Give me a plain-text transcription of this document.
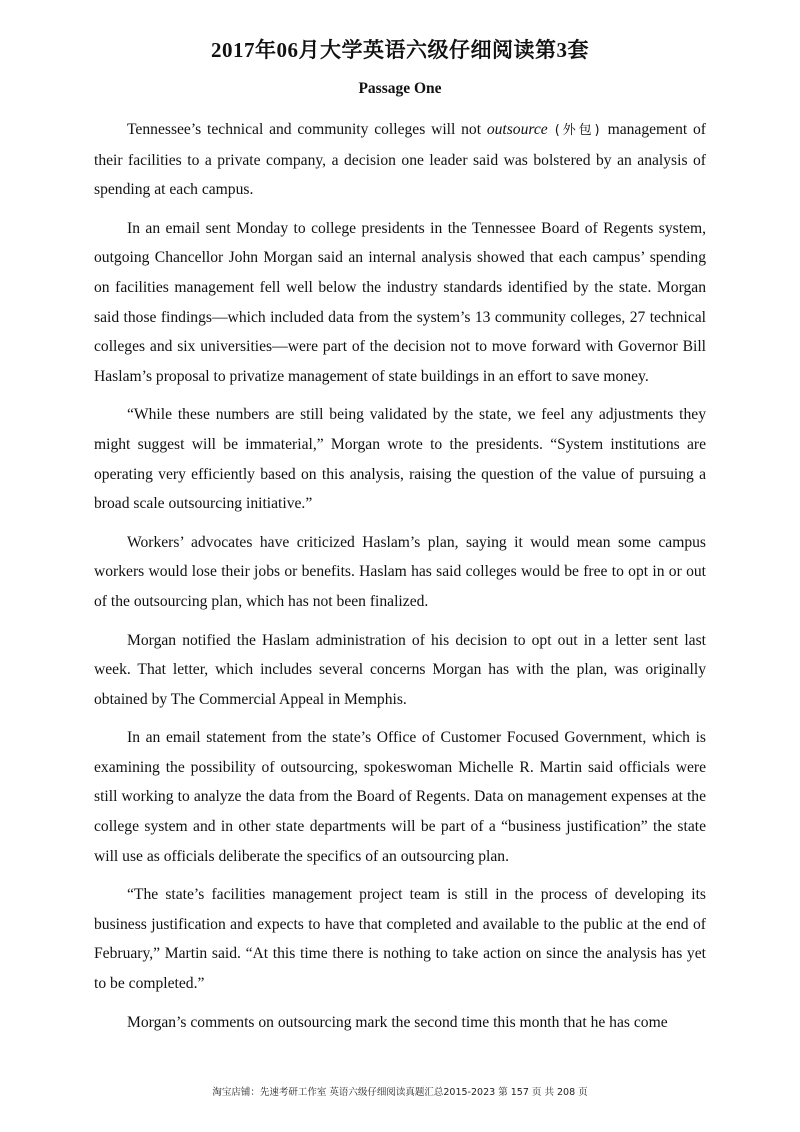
2017年06月大学英语六级仔细阅读第3套
Passage One

Tennessee’s technical and community colleges will not outsource (外包) management of their facilities to a private company, a decision one leader said was bolstered by an analysis of spending at each campus.

In an email sent Monday to college presidents in the Tennessee Board of Regents system, outgoing Chancellor John Morgan said an internal analysis showed that each campus’ spending on facilities management fell well below the industry standards identified by the state. Morgan said those findings—which included data from the system’s 13 community colleges, 27 technical colleges and six universities—were part of the decision not to move forward with Governor Bill Haslam’s proposal to privatize management of state buildings in an effort to save money.

“While these numbers are still being validated by the state, we feel any adjustments they might suggest will be immaterial,” Morgan wrote to the presidents. “System institutions are operating very efficiently based on this analysis, raising the question of the value of pursuing a broad scale outsourcing initiative.”

Workers’ advocates have criticized Haslam’s plan, saying it would mean some campus workers would lose their jobs or benefits. Haslam has said colleges would be free to opt in or out of the outsourcing plan, which has not been finalized.

Morgan notified the Haslam administration of his decision to opt out in a letter sent last week. That letter, which includes several concerns Morgan has with the plan, was originally obtained by The Commercial Appeal in Memphis.

In an email statement from the state’s Office of Customer Focused Government, which is examining the possibility of outsourcing, spokeswoman Michelle R. Martin said officials were still working to analyze the data from the Board of Regents. Data on management expenses at the college system and in other state departments will be part of a “business justification” the state will use as officials deliberate the specifics of an outsourcing plan.

“The state’s facilities management project team is still in the process of developing its business justification and expects to have that completed and available to the public at the end of February,” Martin said. “At this time there is nothing to take action on since the analysis has yet to be completed.”

Morgan’s comments on outsourcing mark the second time this month that he has come

淘宝店铺：先速考研工作室 英语六级仔细阅读真题汇总2015-2023 第 157 页 共 208 页
